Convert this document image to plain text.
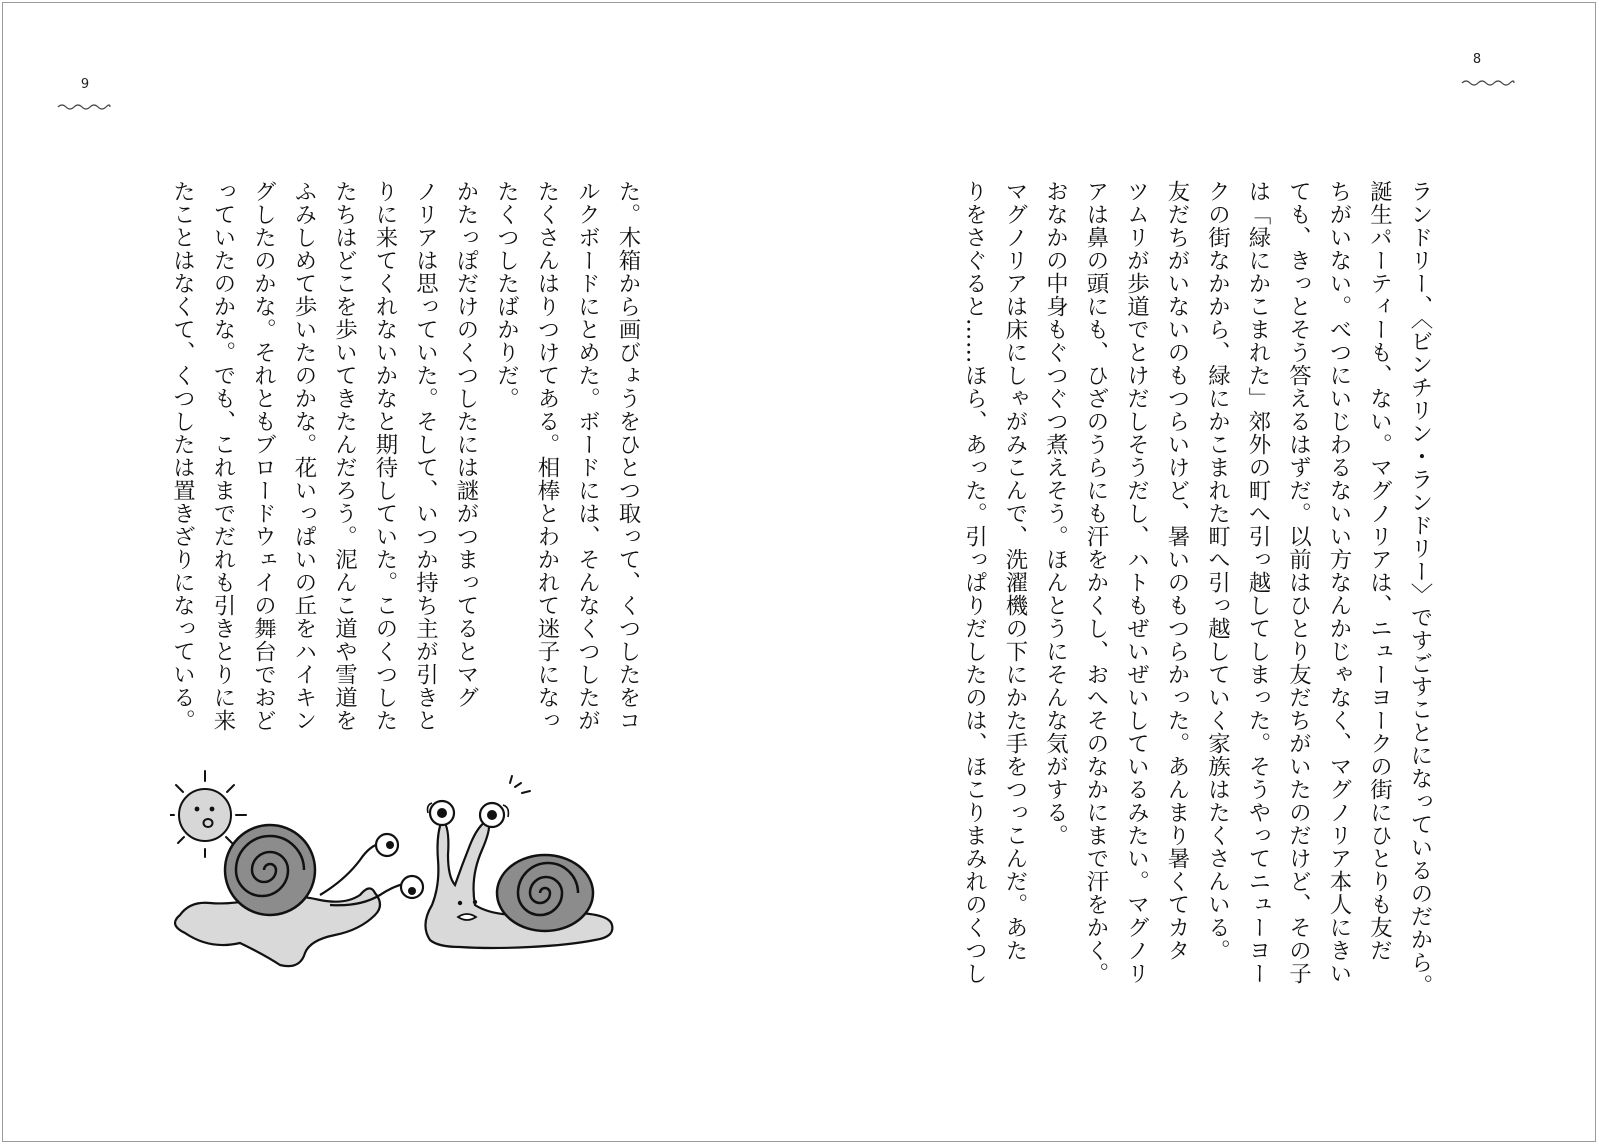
8
9

ランドリー、〈ビンチリン・ランドリー〉ですごすことになっているのだから。

誕生パーティーも、ない。マグノリアは、ニューヨークの街にひとりも友だ

ちがいない。べつにいじわるないい方なんかじゃなく、マグノリア本人にきい

ても、きっとそう答えるはずだ。以前はひとり友だちがいたのだけど、その子

は「緑にかこまれた」郊外の町へ引っ越してしまった。そうやってニューヨー

クの街なかから、緑にかこまれた町へ引っ越していく家族はたくさんいる。

友だちがいないのもつらいけど、暑いのもつらかった。あんまり暑くてカタ

ツムリが歩道でとけだしそうだし、ハトもぜいぜいしているみたい。マグノリ

アは鼻の頭にも、ひざのうらにも汗をかくし、おへそのなかにまで汗をかく。

おなかの中身もぐつぐつ煮えそう。ほんとうにそんな気がする。

マグノリアは床にしゃがみこんで、洗濯機の下にかた手をつっこんだ。あた

りをさぐると……ほら、あった。引っぱりだしたのは、ほこりまみれのくつし

た。木箱から画びょうをひとつ取って、くつしたをコ

ルクボードにとめた。ボードには、そんなくつしたが

たくさんはりつけてある。相棒とわかれて迷子になっ

たくつしたばかりだ。

かたっぽだけのくつしたには謎がつまってるとマグ

ノリアは思っていた。そして、いつか持ち主が引きと

りに来てくれないかなと期待していた。このくつした

たちはどこを歩いてきたんだろう。泥んこ道や雪道を

ふみしめて歩いたのかな。花いっぱいの丘をハイキン

グしたのかな。それともブロードウェイの舞台でおど

っていたのかな。でも、これまでだれも引きとりに来

たことはなくて、くつしたは置きざりになっている。
